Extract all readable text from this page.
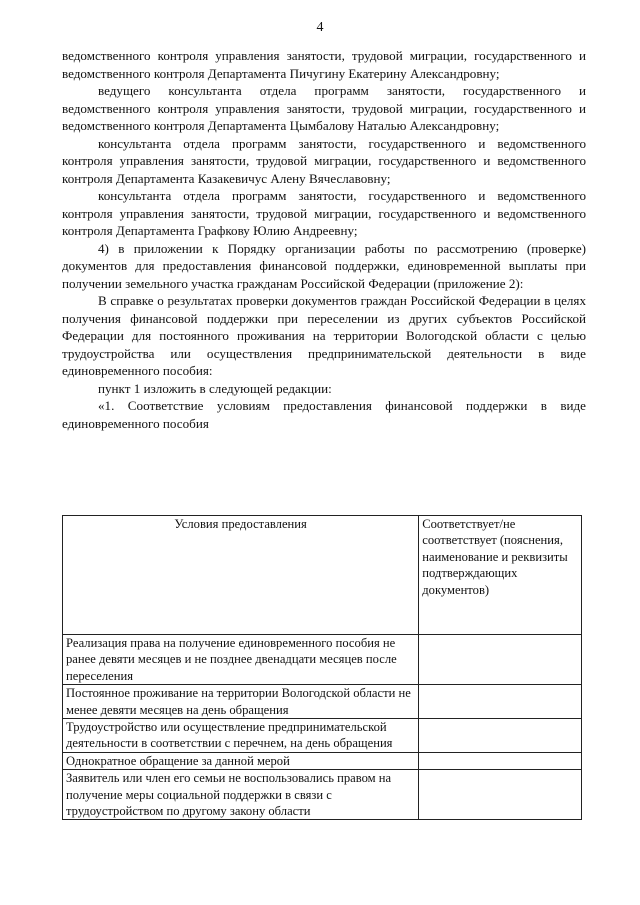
4

ведомственного контроля управления занятости, трудовой миграции, государственного и ведомственного контроля Департамента Пичугину Екатерину Александровну;

ведущего консультанта отдела программ занятости, государственного и ведомственного контроля управления занятости, трудовой миграции, государственного и ведомственного контроля Департамента Цымбалову Наталью Александровну;

консультанта отдела программ занятости, государственного и ведомственного контроля управления занятости, трудовой миграции, государственного и ведомственного контроля Департамента Казакевичус Алену Вячеславовну;

консультанта отдела программ занятости, государственного и ведомственного контроля управления занятости, трудовой миграции, государственного и ведомственного контроля Департамента Графкову Юлию Андреевну;

4) в приложении к Порядку организации работы по рассмотрению (проверке) документов для предоставления финансовой поддержки, единовременной выплаты при получении земельного участка гражданам Российской Федерации (приложение 2):

В справке о результатах проверки документов граждан Российской Федерации в целях получения финансовой поддержки при переселении из других субъектов Российской Федерации для постоянного проживания на территории Вологодской области с целью трудоустройства или осуществления предпринимательской деятельности в виде единовременного пособия:

пункт 1 изложить в следующей редакции:

«1. Соответствие условиям предоставления финансовой поддержки в виде единовременного пособия

Условия предоставления	Соответствует/не соответствует (пояснения, наименование и реквизиты подтверждающих документов)
Реализация права на получение единовременного пособия не ранее девяти месяцев и не позднее двенадцати месяцев после переселения	
Постоянное проживание на территории Вологодской области не менее девяти месяцев на день обращения	
Трудоустройство или осуществление предпринимательской деятельности в соответствии с перечнем, на день обращения	
Однократное обращение за данной мерой	
Заявитель или член его семьи не воспользовались правом на получение меры социальной поддержки в связи с трудоустройством по другому закону области	
